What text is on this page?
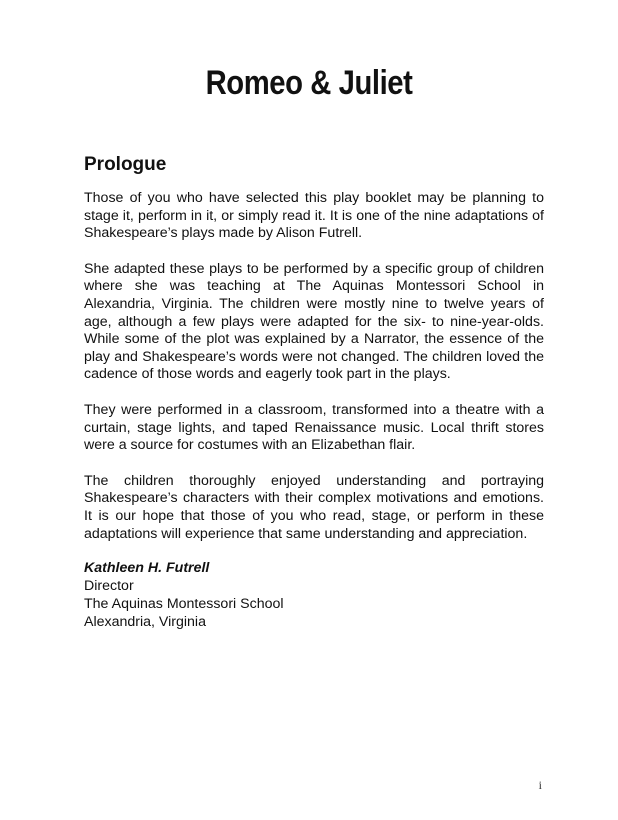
Romeo & Juliet
Prologue

Those of you who have selected this play booklet may be planning to stage it, perform in it, or simply read it. It is one of the nine adaptations of Shakespeare’s plays made by Alison Futrell.

She adapted these plays to be performed by a specific group of children where she was teaching at The Aquinas Montessori School in Alexandria, Virginia. The children were mostly nine to twelve years of age, although a few plays were adapted for the six- to nine-year-olds. While some of the plot was explained by a Narrator, the essence of the play and Shakespeare’s words were not changed. The children loved the cadence of those words and eagerly took part in the plays.

They were performed in a classroom, transformed into a theatre with a curtain, stage lights, and taped Renaissance music. Local thrift stores were a source for costumes with an Elizabethan flair.

The children thoroughly enjoyed understanding and portraying Shakespeare’s characters with their complex motivations and emotions. It is our hope that those of you who read, stage, or perform in these adaptations will experience that same understanding and appreciation.

Kathleen H. Futrell
Director
The Aquinas Montessori School
Alexandria, Virginia
i
